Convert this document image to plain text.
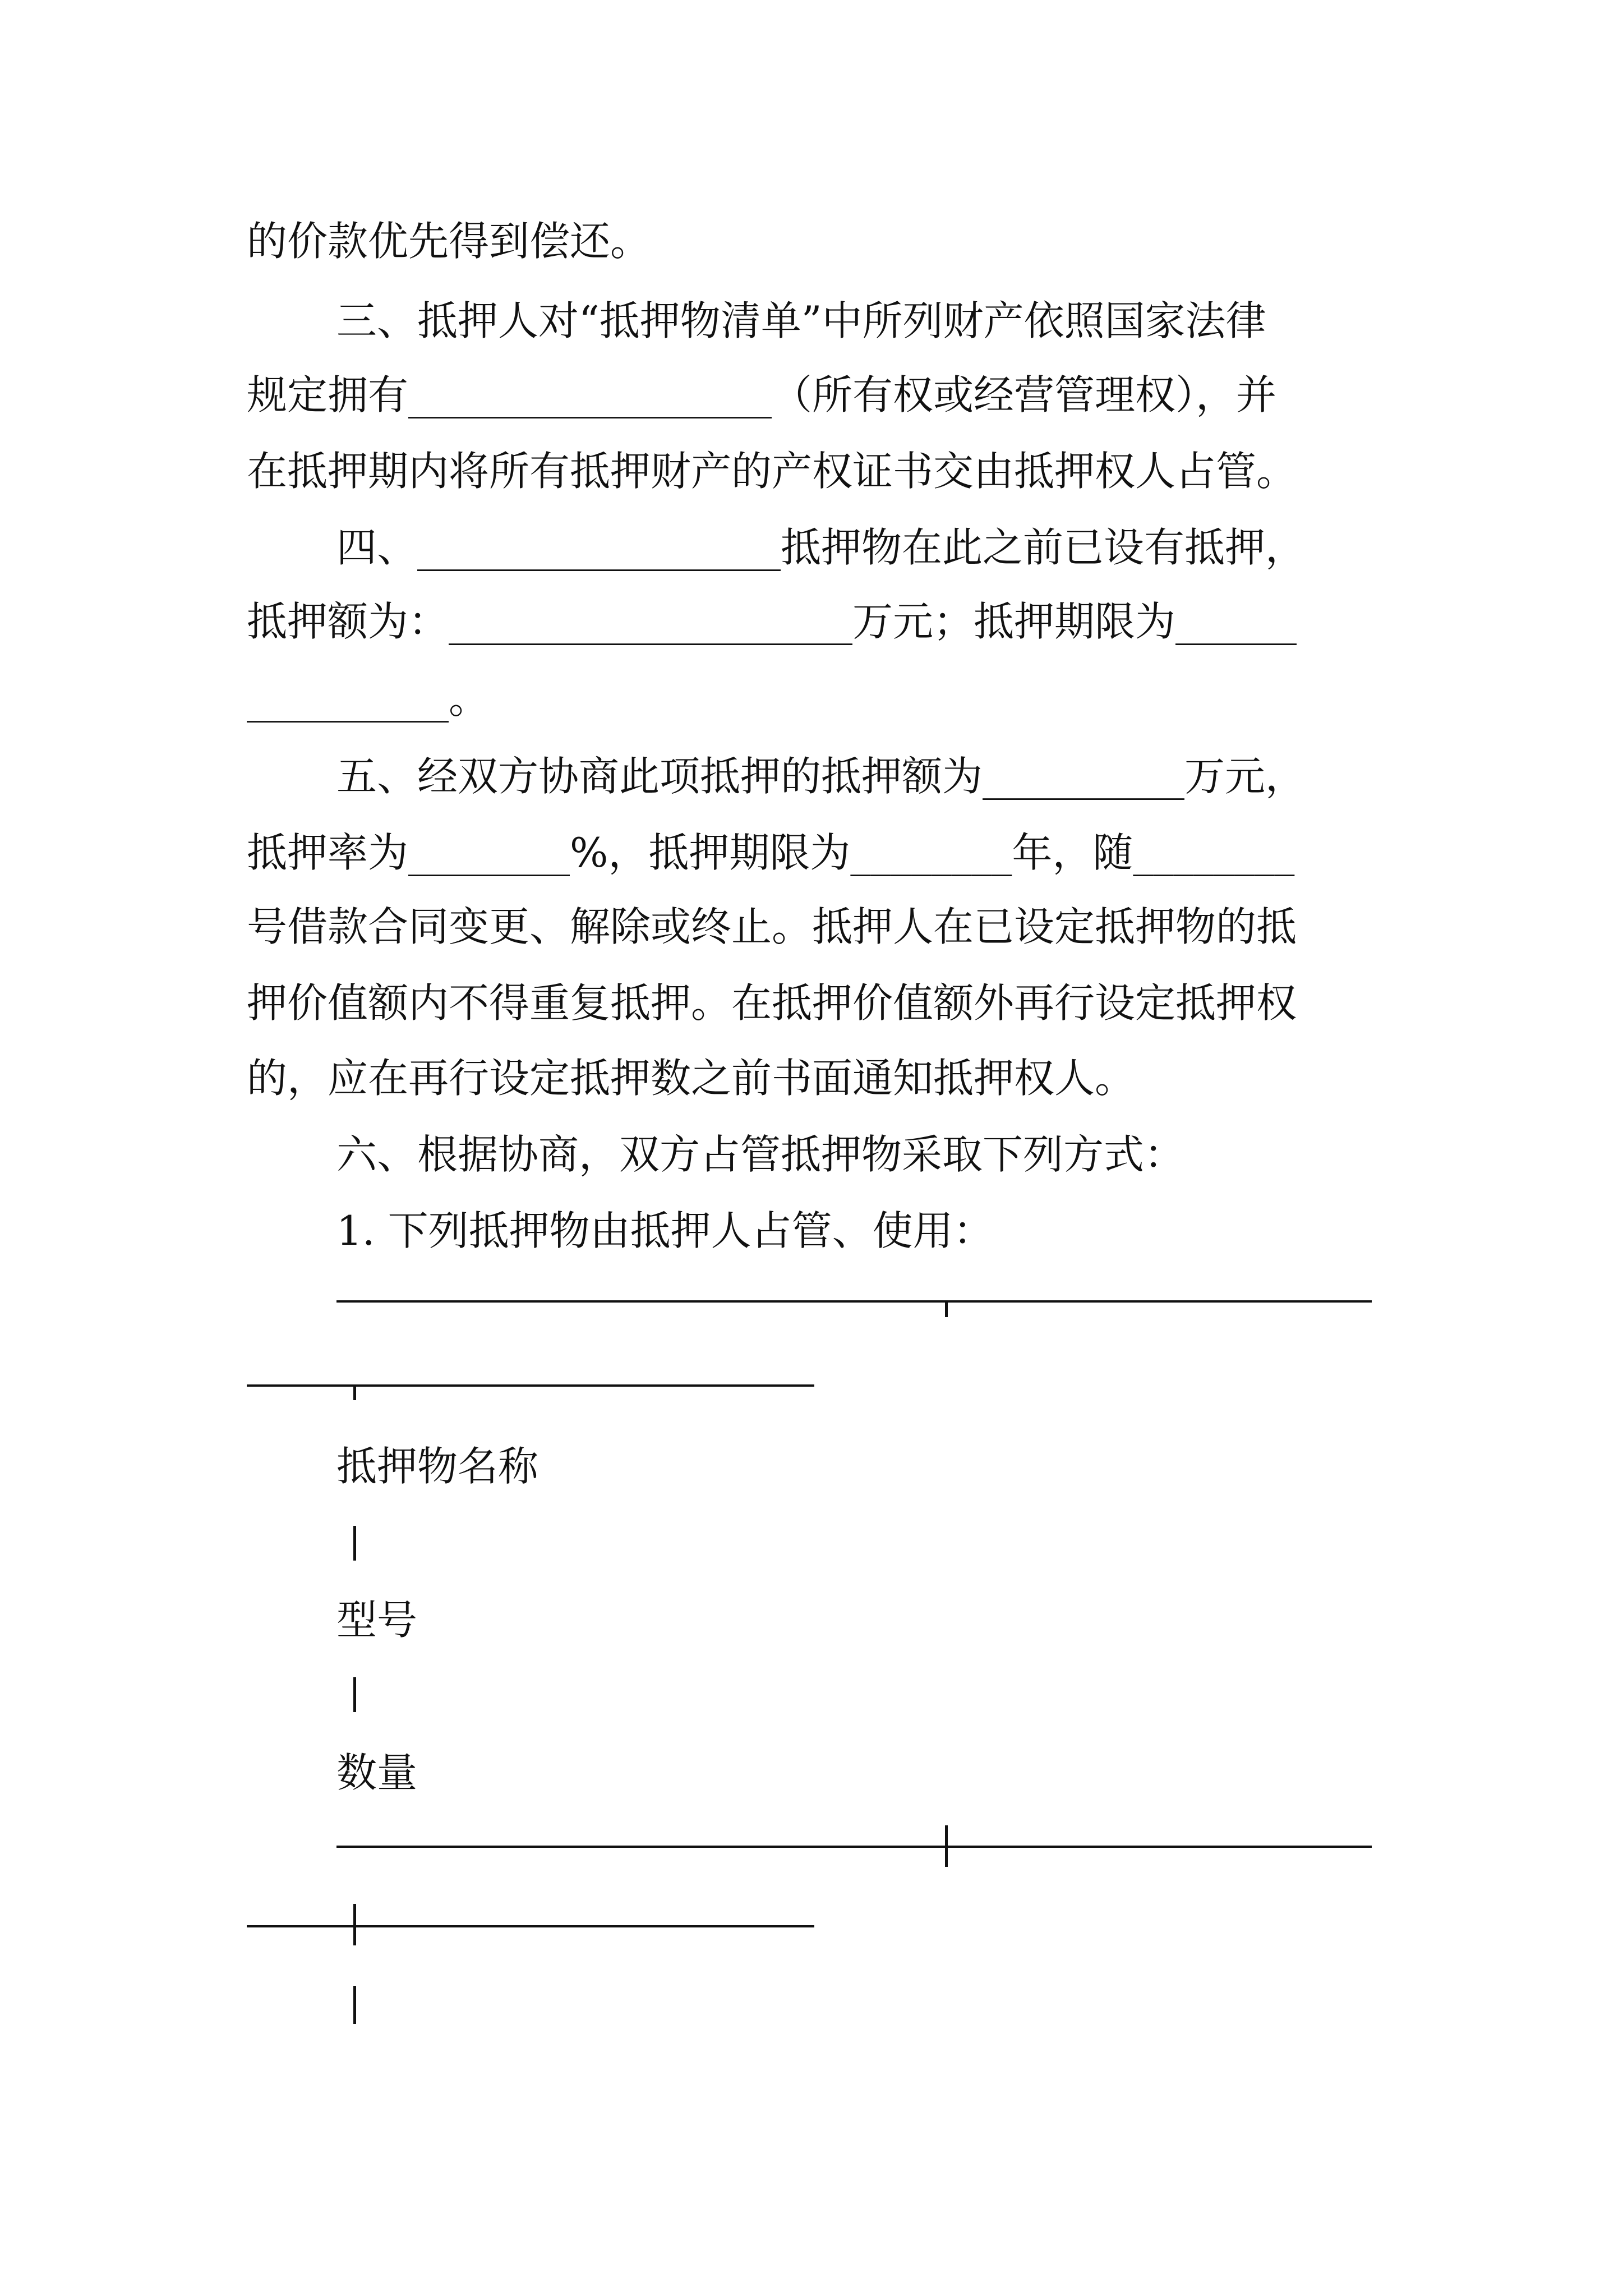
的价款优先得到偿还。
三、抵押人对“抵押物清单”中所列财产依照国家法律
规定拥有__________________（所有权或经营管理权），并
在抵押期内将所有抵押财产的产权证书交由抵押权人占管。
四、__________________抵押物在此之前已设有抵押，
抵押额为：____________________万元；抵押期限为______
__________。
五、经双方协商此项抵押的抵押额为__________万元，
抵押率为________%，抵押期限为________年，随________
号借款合同变更、解除或终止。抵押人在已设定抵押物的抵
押价值额内不得重复抵押。在抵押价值额外再行设定抵押权
的，应在再行设定抵押数之前书面通知抵押权人。
六、根据协商，双方占管抵押物采取下列方式：
1. 下列抵押物由抵押人占管、使用：
抵押物名称
型号
数量
